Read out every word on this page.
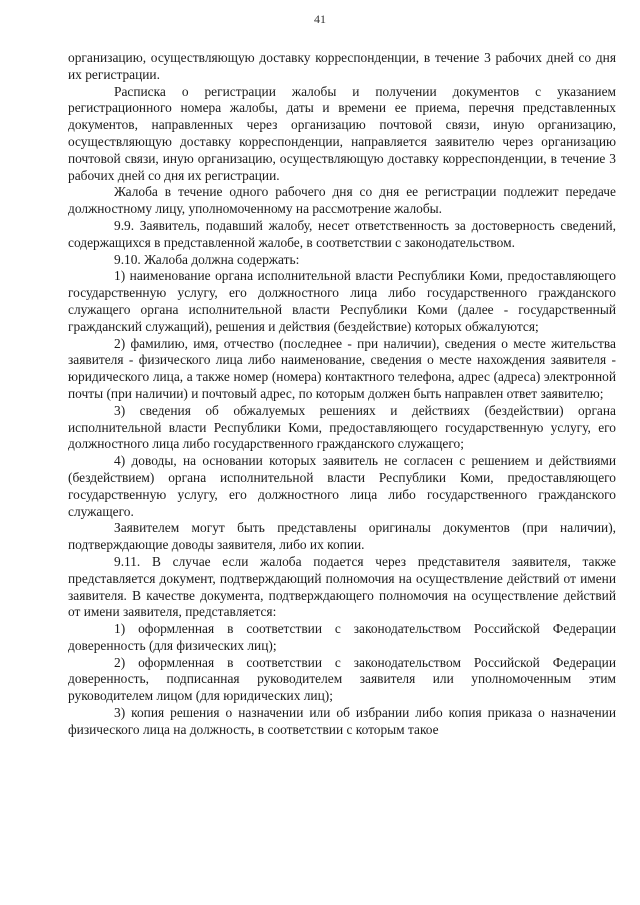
41

организацию, осуществляющую доставку корреспонденции, в течение 3 рабочих дней со дня их регистрации.

Расписка о регистрации жалобы и получении документов с указанием регистрационного номера жалобы, даты и времени ее приема, перечня представленных документов, направленных через организацию почтовой связи, иную организацию, осуществляющую доставку корреспонденции, направляется заявителю через организацию почтовой связи, иную организацию, осуществляющую доставку корреспонденции, в течение 3 рабочих дней со дня их регистрации.

Жалоба в течение одного рабочего дня со дня ее регистрации подлежит передаче должностному лицу, уполномоченному на рассмотрение жалобы.

9.9. Заявитель, подавший жалобу, несет ответственность за достоверность сведений, содержащихся в представленной жалобе, в соответствии с законодательством.

9.10. Жалоба должна содержать:

1) наименование органа исполнительной власти Республики Коми, предоставляющего государственную услугу, его должностного лица либо государственного гражданского служащего органа исполнительной власти Республики Коми (далее - государственный гражданский служащий), решения и действия (бездействие) которых обжалуются;

2) фамилию, имя, отчество (последнее - при наличии), сведения о месте жительства заявителя - физического лица либо наименование, сведения о месте нахождения заявителя - юридического лица, а также номер (номера) контактного телефона, адрес (адреса) электронной почты (при наличии) и почтовый адрес, по которым должен быть направлен ответ заявителю;

3) сведения об обжалуемых решениях и действиях (бездействии) органа исполнительной власти Республики Коми, предоставляющего государственную услугу, его должностного лица либо государственного гражданского служащего;

4) доводы, на основании которых заявитель не согласен с решением и действиями (бездействием) органа исполнительной власти Республики Коми, предоставляющего государственную услугу, его должностного лица либо государственного гражданского служащего.

Заявителем могут быть представлены оригиналы документов (при наличии), подтверждающие доводы заявителя, либо их копии.

9.11. В случае если жалоба подается через представителя заявителя, также представляется документ, подтверждающий полномочия на осуществление действий от имени заявителя. В качестве документа, подтверждающего полномочия на осуществление действий от имени заявителя, представляется:

1) оформленная в соответствии с законодательством Российской Федерации доверенность (для физических лиц);

2) оформленная в соответствии с законодательством Российской Федерации доверенность, подписанная руководителем заявителя или уполномоченным этим руководителем лицом (для юридических лиц);

3) копия решения о назначении или об избрании либо копия приказа о назначении физического лица на должность, в соответствии с которым такое
